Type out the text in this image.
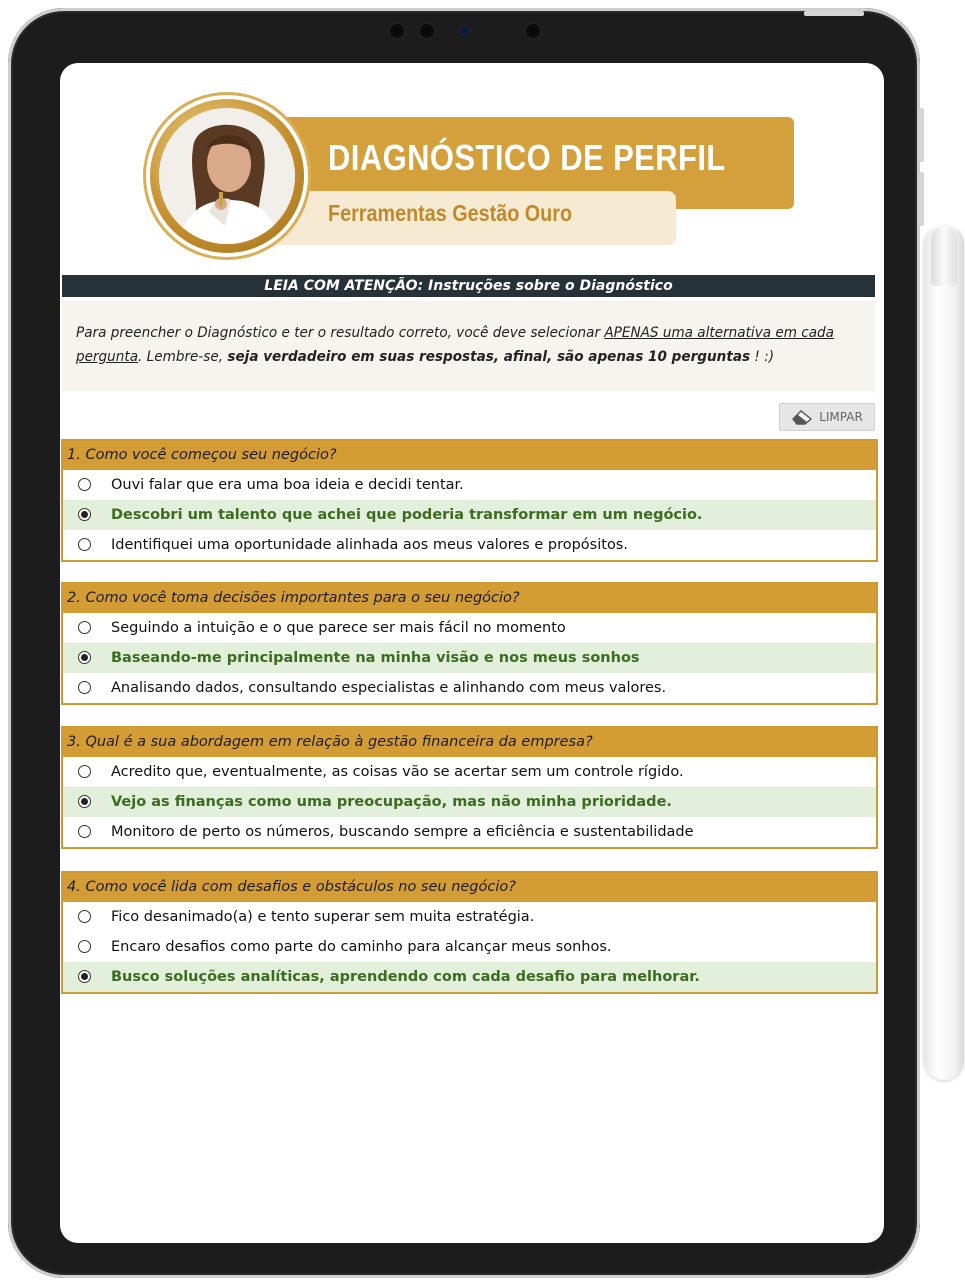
DIAGNÓSTICO DE PERFIL
Ferramentas Gestão Ouro
LEIA COM ATENÇÃO: Instruções sobre o Diagnóstico
Para preencher o Diagnóstico e ter o resultado correto, você deve selecionar APENAS uma alternativa em cada pergunta. Lembre-se, seja verdadeiro em suas respostas, afinal, são apenas 10 perguntas ! :)
LIMPAR
1. Como você começou seu negócio?
Ouvi falar que era uma boa ideia e decidi tentar.
Descobri um talento que achei que poderia transformar em um negócio.
Identifiquei uma oportunidade alinhada aos meus valores e propósitos.
2. Como você toma decisões importantes para o seu negócio?
Seguindo a intuição e o que parece ser mais fácil no momento
Baseando-me principalmente na minha visão e nos meus sonhos
Analisando dados, consultando especialistas e alinhando com meus valores.
3. Qual é a sua abordagem em relação à gestão financeira da empresa?
Acredito que, eventualmente, as coisas vão se acertar sem um controle rígido.
Vejo as finanças como uma preocupação, mas não minha prioridade.
Monitoro de perto os números, buscando sempre a eficiência e sustentabilidade
4. Como você lida com desafios e obstáculos no seu negócio?
Fico desanimado(a) e tento superar sem muita estratégia.
Encaro desafios como parte do caminho para alcançar meus sonhos.
Busco soluções analíticas, aprendendo com cada desafio para melhorar.
